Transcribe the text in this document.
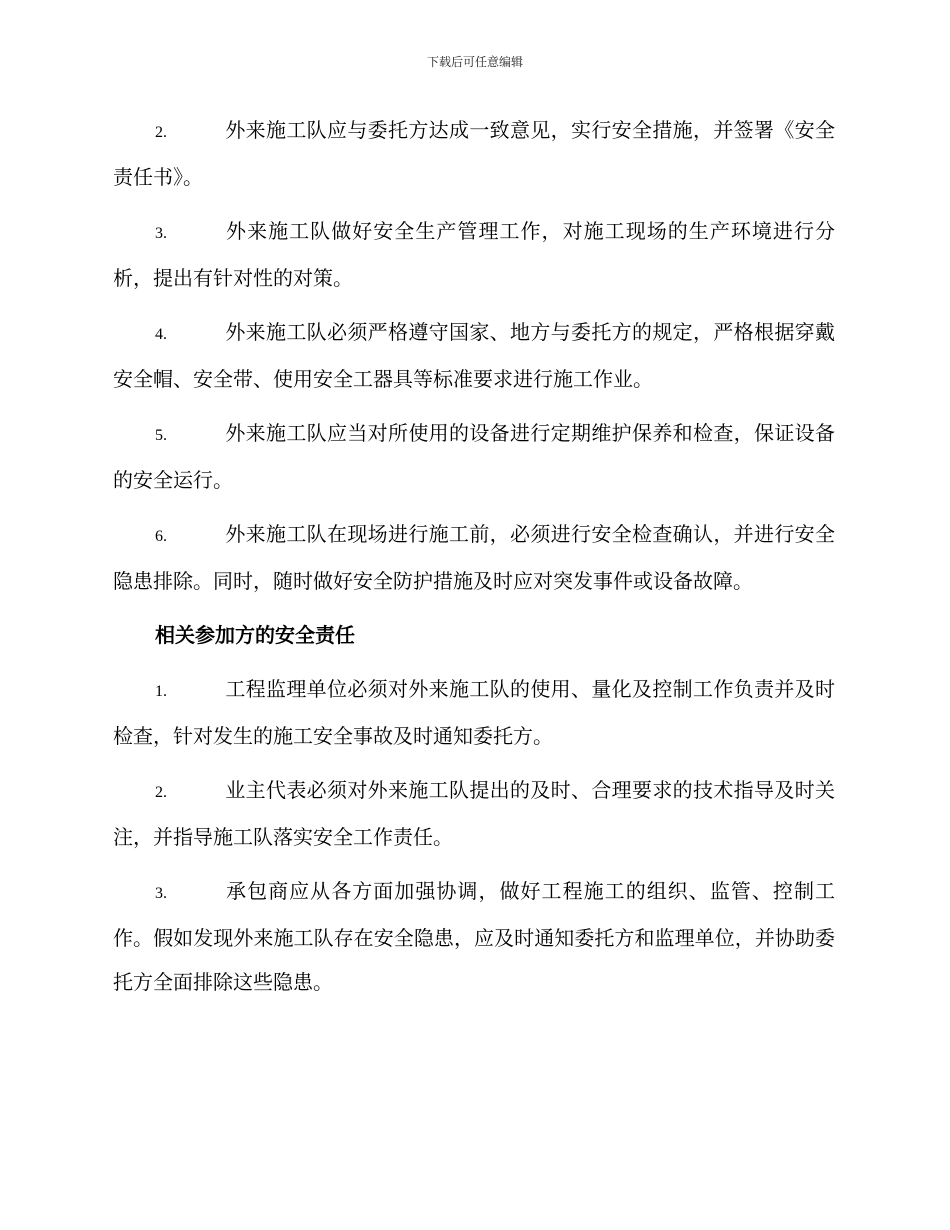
下载后可任意编辑

2.	外来施工队应与委托方达成一致意见，实行安全措施，并签署《安全责任书》。

3.	外来施工队做好安全生产管理工作，对施工现场的生产环境进行分析，提出有针对性的对策。

4.	外来施工队必须严格遵守国家、地方与委托方的规定，严格根据穿戴安全帽、安全带、使用安全工器具等标准要求进行施工作业。

5.	外来施工队应当对所使用的设备进行定期维护保养和检查，保证设备的安全运行。

6.	外来施工队在现场进行施工前，必须进行安全检查确认，并进行安全隐患排除。同时，随时做好安全防护措施及时应对突发事件或设备故障。

相关参加方的安全责任

1.	工程监理单位必须对外来施工队的使用、量化及控制工作负责并及时检查，针对发生的施工安全事故及时通知委托方。

2.	业主代表必须对外来施工队提出的及时、合理要求的技术指导及时关注，并指导施工队落实安全工作责任。

3.	承包商应从各方面加强协调，做好工程施工的组织、监管、控制工作。假如发现外来施工队存在安全隐患，应及时通知委托方和监理单位，并协助委托方全面排除这些隐患。
